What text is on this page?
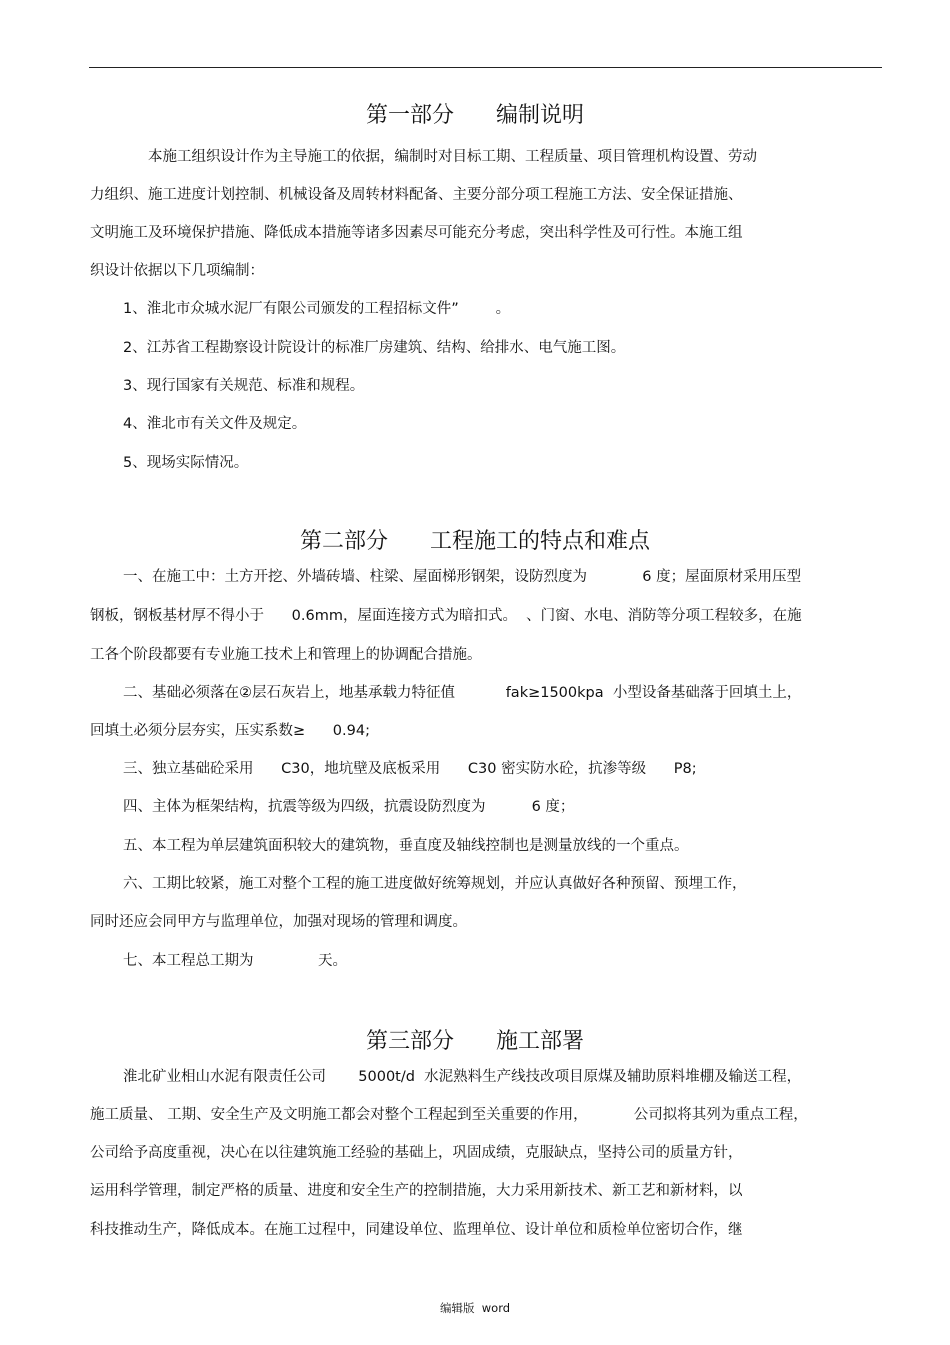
第一部分      编制说明
本施工组织设计作为主导施工的依据，编制时对目标工期、工程质量、项目管理机构设置、劳动
力组织、施工进度计划控制、机械设备及周转材料配备、主要分部分项工程施工方法、安全保证措施、
文明施工及环境保护措施、降低成本措施等诸多因素尽可能充分考虑，突出科学性及可行性。本施工组
织设计依据以下几项编制：
1、淮北市众城水泥厂有限公司颁发的工程招标文件”        。
2、江苏省工程勘察设计院设计的标准厂房建筑、结构、给排水、电气施工图。
3、现行国家有关规范、标准和规程。
4、淮北市有关文件及规定。
5、现场实际情况。
第二部分      工程施工的特点和难点
一、在施工中：土方开挖、外墙砖墙、柱梁、屋面梯形钢架，设防烈度为            6 度；屋面原材采用压型
钢板，钢板基材厚不得小于      0.6mm，屋面连接方式为暗扣式。  、门窗、水电、消防等分项工程较多，在施
工各个阶段都要有专业施工技术上和管理上的协调配合措施。
二、基础必须落在②层石灰岩上，地基承载力特征值           fak≥1500kpa  小型设备基础落于回填土上，
回填土必须分层夯实，压实系数≥      0.94;
三、独立基础砼采用      C30，地坑壁及底板采用      C30 密实防水砼，抗渗等级      P8;
四、主体为框架结构，抗震等级为四级，抗震设防烈度为          6 度；
五、本工程为单层建筑面积较大的建筑物，垂直度及轴线控制也是测量放线的一个重点。
六、工期比较紧，施工对整个工程的施工进度做好统筹规划，并应认真做好各种预留、预埋工作，
同时还应会同甲方与监理单位，加强对现场的管理和调度。
七、本工程总工期为              天。
第三部分      施工部署
淮北矿业相山水泥有限责任公司       5000t/d  水泥熟料生产线技改项目原煤及辅助原料堆棚及输送工程，
施工质量、 工期、安全生产及文明施工都会对整个工程起到至关重要的作用，          公司拟将其列为重点工程，
公司给予高度重视，决心在以往建筑施工经验的基础上，巩固成绩，克服缺点，坚持公司的质量方针，
运用科学管理，制定严格的质量、进度和安全生产的控制措施，大力采用新技术、新工艺和新材料，以
科技推动生产，降低成本。在施工过程中，同建设单位、监理单位、设计单位和质检单位密切合作，继
编辑版  word
